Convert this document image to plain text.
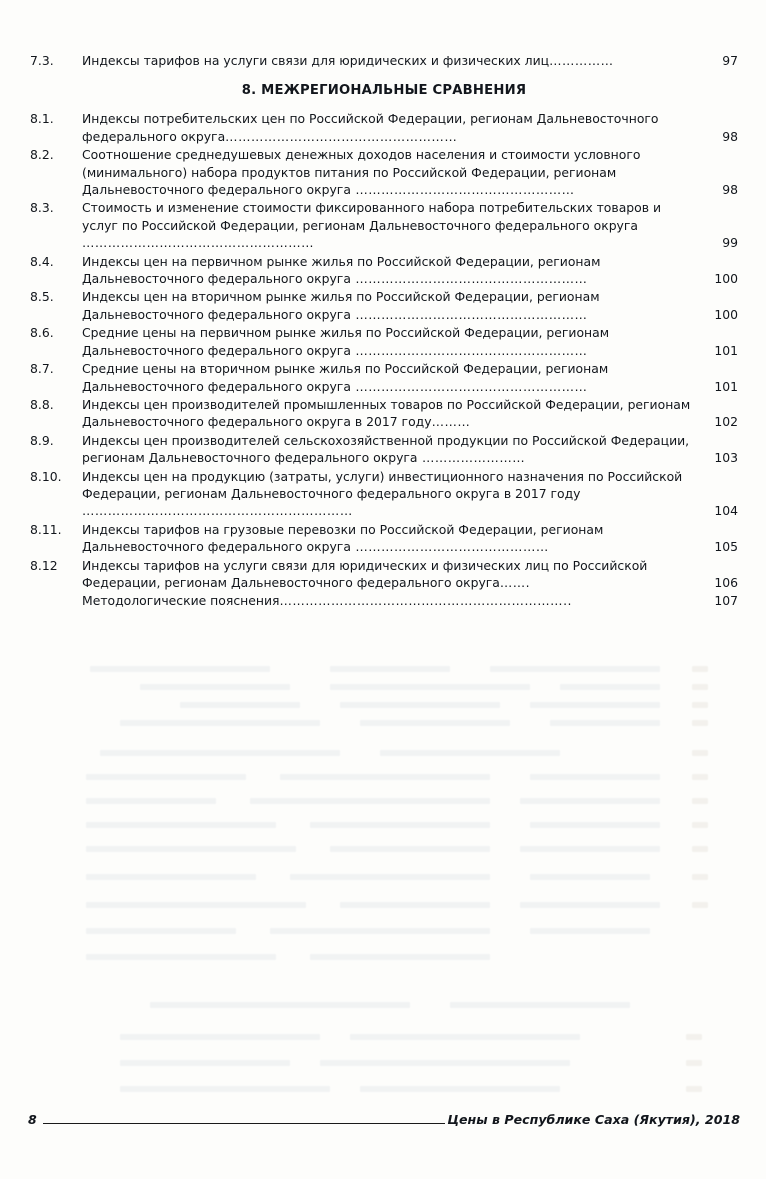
7.3.	Индексы тарифов на услуги связи для юридических и физических лиц……………	97
8. МЕЖРЕГИОНАЛЬНЫЕ СРАВНЕНИЯ
8.1.	Индексы потребительских цен по Российской Федерации, регионам Дальневосточного федерального округа………………………………………………	98
8.2.	Соотношение среднедушевых денежных доходов населения и стоимости условного (минимального) набора продуктов питания по Российской Федерации, регионам Дальневосточного федерального округа ……………………………………………	98
8.3.	Стоимость и изменение стоимости фиксированного набора потребительских товаров и услуг по Российской Федерации, регионам Дальневосточного федерального округа ………………………………………………	99
8.4.	Индексы цен на первичном рынке жилья по Российской Федерации, регионам Дальневосточного федерального округа ………………………………………………	100
8.5.	Индексы цен на вторичном рынке жилья по Российской Федерации, регионам Дальневосточного федерального округа ………………………………………………	100
8.6.	Средние цены на первичном рынке жилья по Российской Федерации, регионам Дальневосточного федерального округа ………………………………………………	101
8.7.	Средние цены на вторичном рынке жилья по Российской Федерации, регионам Дальневосточного федерального округа ………………………………………………	101
8.8.	Индексы цен производителей промышленных товаров по Российской Федерации, регионам Дальневосточного федерального округа в 2017 году………	102
8.9.	Индексы цен производителей сельскохозяйственной продукции по Российской Федерации, регионам Дальневосточного федерального округа ……………………	103
8.10.	Индексы цен на продукцию (затраты, услуги) инвестиционного назначения по Российской Федерации, регионам Дальневосточного федерального округа в 2017 году ………………………………………………………	104
8.11.	Индексы тарифов на грузовые перевозки по Российской Федерации, регионам Дальневосточного федерального округа ………………………………………	105
8.12	Индексы тарифов на услуги связи для юридических и физических лиц по Российской Федерации, регионам Дальневосточного федерального округа…….	106
Методологические пояснения…………………………………………………………..	107
8	Цены в Республике Саха (Якутия), 2018
